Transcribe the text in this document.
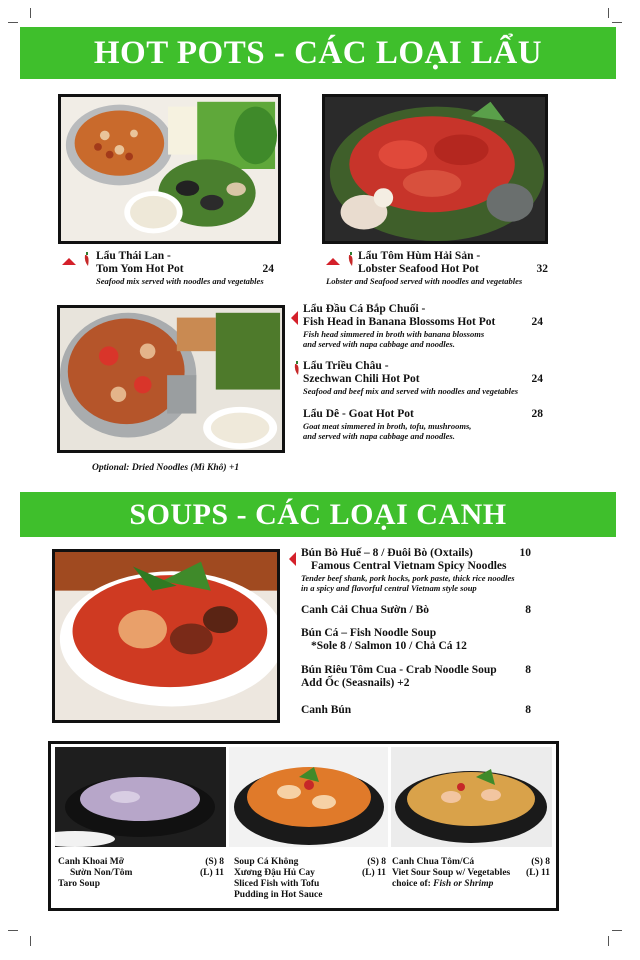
HOT POTS - CÁC LOẠI LẨU
Lẩu Thái Lan -
Tom Yom Hot Pot	24
Seafood mix served with noodles and vegetables
Lẩu Tôm Hùm Hải Sản -
Lobster Seafood Hot Pot	32
Lobster and Seafood served with noodles and vegetables
Lẩu Đầu Cá Bắp Chuối -
Fish Head in Banana Blossoms Hot Pot	24
Fish head simmered in broth with banana blossoms
and served with napa cabbage and noodles.
Lẩu Triều Châu -
Szechwan Chili Hot Pot	24
Seafood and beef mix and served with noodles and vegetables
Lẩu Dê - Goat Hot Pot	28
Goat meat simmered in broth, tofu, mushrooms,
and served with napa cabbage and noodles.
Optional: Dried Noodles (Mì Khô) +1
SOUPS - CÁC LOẠI CANH
Bún Bò Huế – 8 / Đuôi Bò (Oxtails)	10
Famous Central Vietnam Spicy Noodles
Tender beef shank, pork hocks, pork paste, thick rice noodles
in a spicy and flavorful central Vietnam style soup
Canh Cải Chua Sườn / Bò	8
Bún Cá – Fish Noodle Soup
*Sole 8 / Salmon 10 / Chả Cá 12
Bún Riêu Tôm Cua - Crab Noodle Soup 8
Add Ốc (Seasnails) +2
Canh Bún	8
Canh Khoai Mỡ	(S) 8
Sườn Non/Tôm	(L) 11
Taro Soup
Soup Cá Không	(S) 8
Xương Đậu Hủ Cay	(L) 11
Sliced Fish with Tofu
Pudding in Hot Sauce
Canh Chua Tôm/Cá	(S) 8
Viet Sour Soup w/ Vegetables (L) 11
choice of: Fish or Shrimp
